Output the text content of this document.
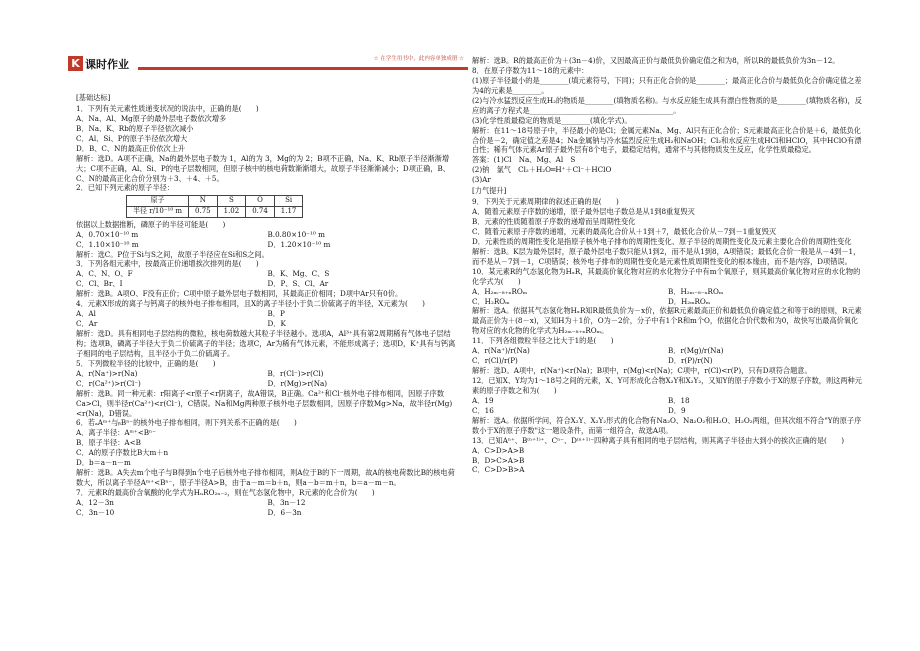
K 课时作业	☆ 在学生用书中，此内容单独成册 ☆

[基础达标]

1．下列有关元素性质递变状况的说法中，正确的是(　　)

A．Na、Al、Mg原子的最外层电子数依次增多

B．Na、K、Rb的原子半径依次减小

C．Al、Si、P的原子半径依次增大

D．B、C、N的最高正价依次上升

解析：选D。A项不正确，Na的最外层电子数为 1，Al的为 3，Mg的为 2；B项不正确，Na、K、Rb原子半径渐渐增大；C项不正确，Al、Si、P的电子层数相同，但原子核中的核电荷数渐渐增大，故原子半径渐渐减小；D项正确，B、C、N的最高正化合价分别为＋3、＋4、＋5。

2．已知下列元素的原子半径：

原子	N	S	O	Si
半径 r/10⁻¹⁰ m	0.75	1.02	0.74	1.17

依据以上数据推断，磷原子的半径可能是(　　)

A．0.70×10⁻¹⁰ m	B.0.80×10⁻¹⁰ m
C．1.10×10⁻¹⁰ m	D．1.20×10⁻¹⁰ m

解析：选C。P位于Si与S之间，故原子半径应在Si和S之间。

3．下列各组元素中，按最高正价递增挨次排列的是(　　)

A．C、N、O、F	B．K、Mg、C、S
C．Cl、Br、I	D．P、S、Cl、Ar

解析：选B。A项O、F没有正价；C项中原子最外层电子数相同，其最高正价相同；D项中Ar只有0价。

4．元素X形成的离子与钙离子的核外电子排布相同，且X的离子半径小于负二价硫离子的半径，X元素为(　　)

A．Al	B．P
C．Ar	D．K

解析：选D。具有相同电子层结构的微粒，核电荷数越大其粒子半径越小。选项A，Al³⁺具有第2周期稀有气体电子层结构；选项B，磷离子半径大于负二价硫离子的半径；选项C，Ar为稀有气体元素，不能形成离子；选项D，K⁺具有与钙离子相同的电子层结构，且半径小于负二价硫离子。

5．下列微粒半径的比较中，正确的是(　　)

A．r(Na⁺)>r(Na)	B．r(Cl⁻)>r(Cl)
C．r(Ca²⁺)>r(Cl⁻)	D．r(Mg)>r(Na)

解析：选B。同一种元素：r阳离子<r原子<r阴离子，故A错误，B正确。Ca²⁺和Cl⁻核外电子排布相同，因原子序数Ca>Cl，则半径r(Ca²⁺)<r(Cl⁻)，C错误。Na和Mg两种原子核外电子层数相同，因原子序数Mg>Na，故半径r(Mg)<r(Na)，D错误。

6．若ₐAᵐ⁺与ᵦBⁿ⁻的核外电子排布相同，则下列关系不正确的是(　　)

A．离子半径：Aᵐ⁺<Bⁿ⁻

B．原子半径：A<B

C．A的原子序数比B大m＋n

D．b＝a－n－m

解析：选B。A失去m个电子与B得到n个电子后核外电子排布相同，则A位于B的下一周期，故A的核电荷数比B的核电荷数大，所以离子半径Aᵐ⁺<Bⁿ⁻，原子半径A>B，由于a－m＝b＋n，则a－b＝m＋n，b＝a－m－n。

7．元素R的最高价含氧酸的化学式为HₙRO₂ₙ₋₂，则在气态氢化物中，R元素的化合价为(　　)

A．12－3n	B．3n－12
C．3n－10	D．6－3n

解析：选B。R的最高正价为＋(3n－4)价，又因最高正价与最低负价确定值之和为8，所以R的最低负价为3n－12。

8．在原子序数为11～18的元素中：

(1)原子半径最小的是________(填元素符号，下同)；只有正化合价的是________；最高正化合价与最低负化合价确定值之差为4的元素是________。

(2)与冷水猛烈反应生成H₂的物质是________(填物质名称)。与水反应能生成具有漂白性物质的是________(填物质名称)，反应的离子方程式是________________________________________。

(3)化学性质最稳定的物质是________(填化学式)。

解析：在11～18号原子中，半径最小的是Cl；金属元素Na、Mg、Al只有正化合价；S元素最高正化合价是＋6，最低负化合价是－2，确定值之差是4；Na金属钠与冷水猛烈反应生成H₂和NaOH；Cl₂和水反应生成HCl和HClO，其中HClO有漂白性；稀有气体元素Ar原子最外层有8个电子，最稳定结构，通常不与其他物质发生反应，化学性质最稳定。

答案：(1)Cl　Na、Mg、Al　S

(2)钠　氯气　Cl₂＋H₂O═H⁺＋Cl⁻＋HClO

(3)Ar

[力气提升]

9．下列关于元素周期律的叙述正确的是(　　)

A．随着元素原子序数的递增，原子最外层电子数总是从1到8重复毁灭

B．元素的性质随着原子序数的递增而呈周期性变化

C．随着元素原子序数的递增，元素的最高化合价从＋1到＋7，最低化合价从－7到－1重复毁灭

D．元素性质的周期性变化是指原子核外电子排布的周期性变化、原子半径的周期性变化及元素主要化合价的周期性变化

解析：选B。K层为最外层时，原子最外层电子数只能从1到2，而不是从1到8，A项错误；最低化合价一般是从－4到－1，而不是从－7到－1，C项错误；核外电子排布的周期性变化是元素性质周期性变化的根本缘由，而不是内容，D项错误。

10．某元素R的气态氢化物为HₓR，其最高价氧化物对应的水化物分子中有m个氧原子，则其最高价氧化物对应的水化物的化学式为(　　)

A．H₂ₘ₋₈₊ₓROₘ	B．H₂ₘ₋₈₋ₓROₘ
C．H₂ROₘ	D．H₂ₘROₘ

解析：选A。依据其气态氢化物HₓR知R最低负价为－x价，依据R元素最高正价和最低负价确定值之和等于8的原则，R元素最高正价为＋(8－x)，又知H为＋1价，O为－2价，分子中有1个R和m个O，依据化合价代数和为0，故快写出最高价氧化物对应的水化物的化学式为H₂ₘ₋₈₊ₓROₘ。

11．下列各组微粒半径之比大于1的是(　　)

A．r(Na⁺)/r(Na)	B．r(Mg)/r(Na)
C．r(Cl)/r(P)	D．r(P)/r(N)

解析：选D。A项中，r(Na⁺)<r(Na)；B项中，r(Mg)<r(Na)；C项中，r(Cl)<r(P)，只有D项符合题意。

12．已知X、Y均为1～18号之间的元素，X、Y可形成化合物X₂Y和X₂Y₂，又知Y的原子序数小于X的原子序数，则这两种元素的原子序数之和为(　　)

A．19	B．18
C．16	D．9

解析：选A。依据所学问，符合X₂Y、X₂Y₂形式的化合物有Na₂O、Na₂O₂和H₂O、H₂O₂两组，但其次组不符合"Y的原子序数小于X的原子序数"这一题设条件，而第一组符合，故选A项。

13．已知Aⁿ⁺、B⁽ⁿ⁺¹⁾⁺、Cⁿ⁻、D⁽ⁿ⁺¹⁾⁻四种离子具有相同的电子层结构，则其离子半径由大到小的挨次正确的是(　　)

A．C>D>A>B

B．D>C>A>B

C．C>D>B>A
